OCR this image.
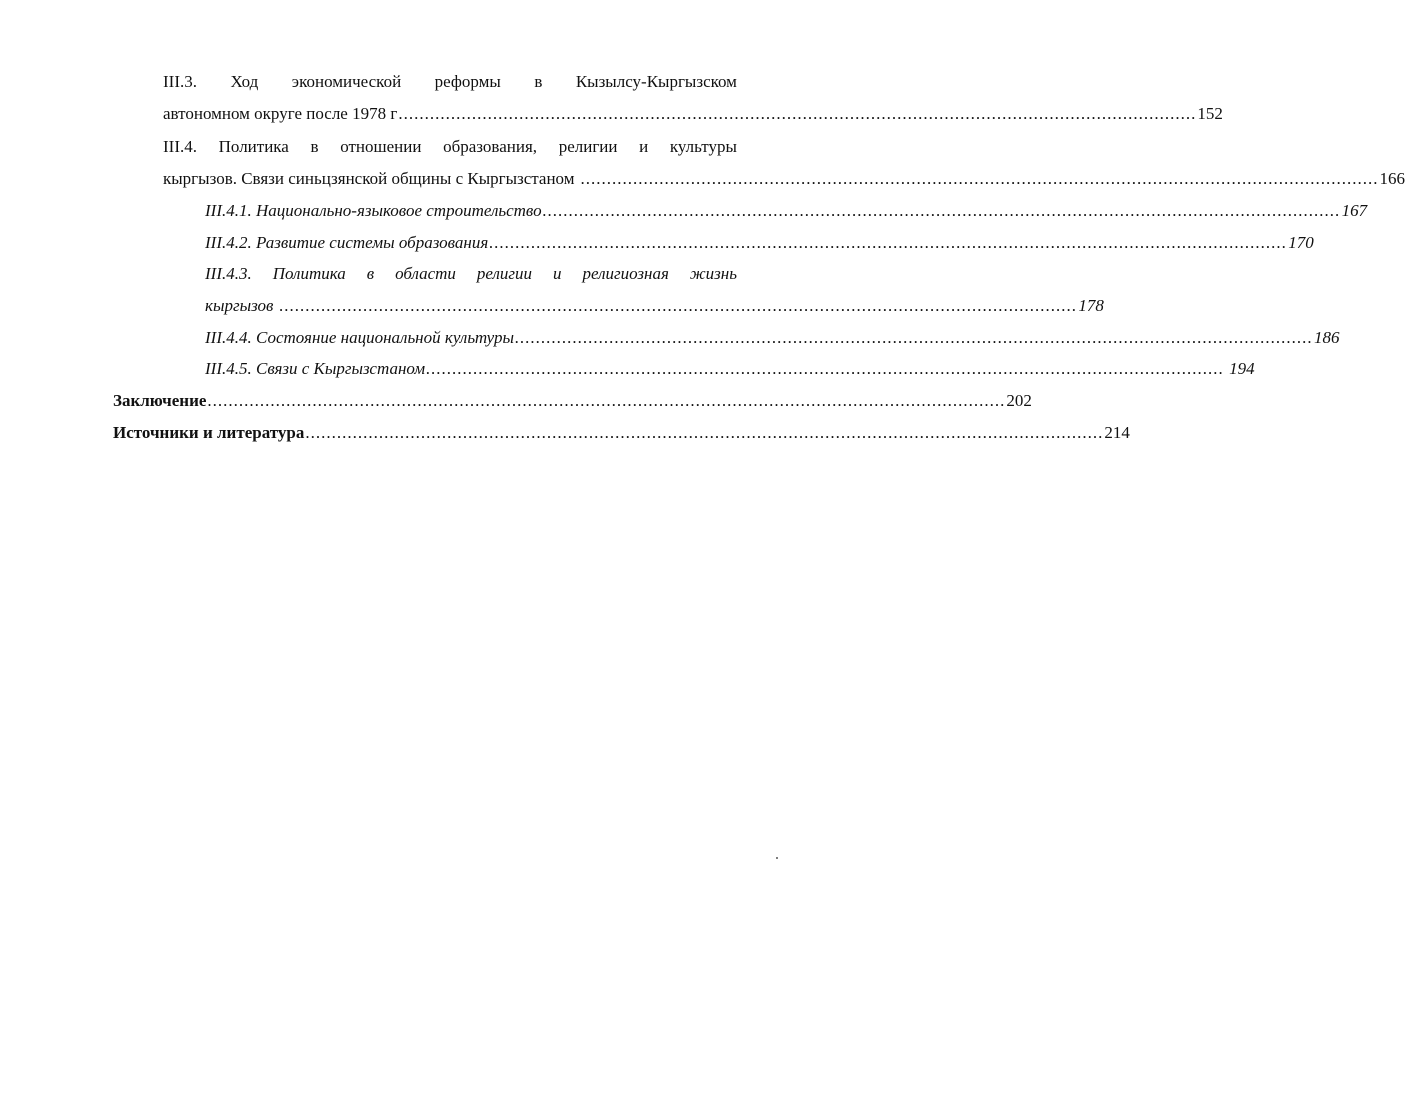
III.3. Ход экономической реформы в Кызылсу-Кыргызском
автономном округе после 1978 г ........................................................................................................................................................ 152
III.4. Политика в отношении образования, религии и культуры
кыргызов. Связи синьцзянской общины с Кыргызстаном ........................................................................................................................................................ 166
III.4.1. Национально-языковое строительство ........................................................................................................................................................ 167
III.4.2. Развитие системы образования ........................................................................................................................................................ 170
III.4.3. Политика в области религии и религиозная жизнь
кыргызов ........................................................................................................................................................ 178
III.4.4. Состояние национальной культуры ........................................................................................................................................................ 186
III.4.5. Связи с Кыргызстаном ........................................................................................................................................................ 194
Заключение ........................................................................................................................................................ 202
Источники и литература ........................................................................................................................................................ 214
